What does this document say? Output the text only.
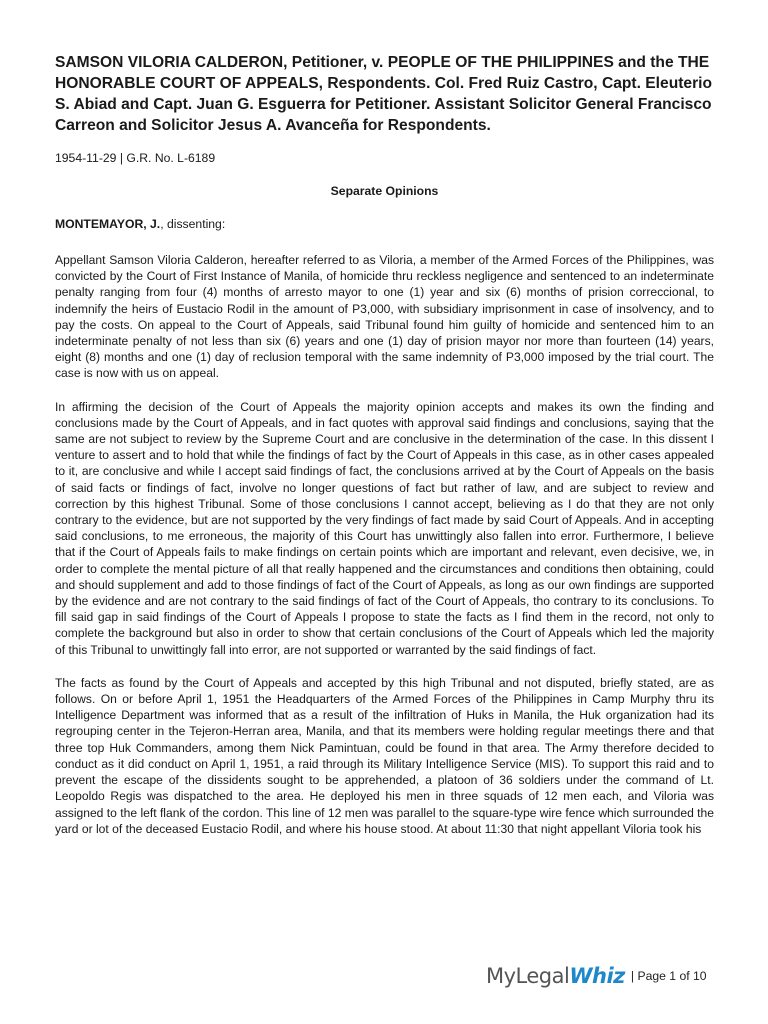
SAMSON VILORIA CALDERON, Petitioner, v. PEOPLE OF THE PHILIPPINES and the THE HONORABLE COURT OF APPEALS, Respondents. Col. Fred Ruiz Castro, Capt. Eleuterio S. Abiad and Capt. Juan G. Esguerra for Petitioner. Assistant Solicitor General Francisco Carreon and Solicitor Jesus A. Avanceña for Respondents.

1954-11-29 | G.R. No. L-6189

Separate Opinions

MONTEMAYOR, J., dissenting:

Appellant Samson Viloria Calderon, hereafter referred to as Viloria, a member of the Armed Forces of the Philippines, was convicted by the Court of First Instance of Manila, of homicide thru reckless negligence and sentenced to an indeterminate penalty ranging from four (4) months of arresto mayor to one (1) year and six (6) months of prision correccional, to indemnify the heirs of Eustacio Rodil in the amount of P3,000, with subsidiary imprisonment in case of insolvency, and to pay the costs. On appeal to the Court of Appeals, said Tribunal found him guilty of homicide and sentenced him to an indeterminate penalty of not less than six (6) years and one (1) day of prision mayor nor more than fourteen (14) years, eight (8) months and one (1) day of reclusion temporal with the same indemnity of P3,000 imposed by the trial court. The case is now with us on appeal.

In affirming the decision of the Court of Appeals the majority opinion accepts and makes its own the finding and conclusions made by the Court of Appeals, and in fact quotes with approval said findings and conclusions, saying that the same are not subject to review by the Supreme Court and are conclusive in the determination of the case. In this dissent I venture to assert and to hold that while the findings of fact by the Court of Appeals in this case, as in other cases appealed to it, are conclusive and while I accept said findings of fact, the conclusions arrived at by the Court of Appeals on the basis of said facts or findings of fact, involve no longer questions of fact but rather of law, and are subject to review and correction by this highest Tribunal. Some of those conclusions I cannot accept, believing as I do that they are not only contrary to the evidence, but are not supported by the very findings of fact made by said Court of Appeals. And in accepting said conclusions, to me erroneous, the majority of this Court has unwittingly also fallen into error. Furthermore, I believe that if the Court of Appeals fails to make findings on certain points which are important and relevant, even decisive, we, in order to complete the mental picture of all that really happened and the circumstances and conditions then obtaining, could and should supplement and add to those findings of fact of the Court of Appeals, as long as our own findings are supported by the evidence and are not contrary to the said findings of fact of the Court of Appeals, tho contrary to its conclusions. To fill said gap in said findings of the Court of Appeals I propose to state the facts as I find them in the record, not only to complete the background but also in order to show that certain conclusions of the Court of Appeals which led the majority of this Tribunal to unwittingly fall into error, are not supported or warranted by the said findings of fact.

The facts as found by the Court of Appeals and accepted by this high Tribunal and not disputed, briefly stated, are as follows. On or before April 1, 1951 the Headquarters of the Armed Forces of the Philippines in Camp Murphy thru its Intelligence Department was informed that as a result of the infiltration of Huks in Manila, the Huk organization had its regrouping center in the Tejeron-Herran area, Manila, and that its members were holding regular meetings there and that three top Huk Commanders, among them Nick Pamintuan, could be found in that area. The Army therefore decided to conduct as it did conduct on April 1, 1951, a raid through its Military Intelligence Service (MIS). To support this raid and to prevent the escape of the dissidents sought to be apprehended, a platoon of 36 soldiers under the command of Lt. Leopoldo Regis was dispatched to the area. He deployed his men in three squads of 12 men each, and Viloria was assigned to the left flank of the cordon. This line of 12 men was parallel to the square-type wire fence which surrounded the yard or lot of the deceased Eustacio Rodil, and where his house stood. At about 11:30 that night appellant Viloria took his

MyLegalWhiz | Page 1 of 10
